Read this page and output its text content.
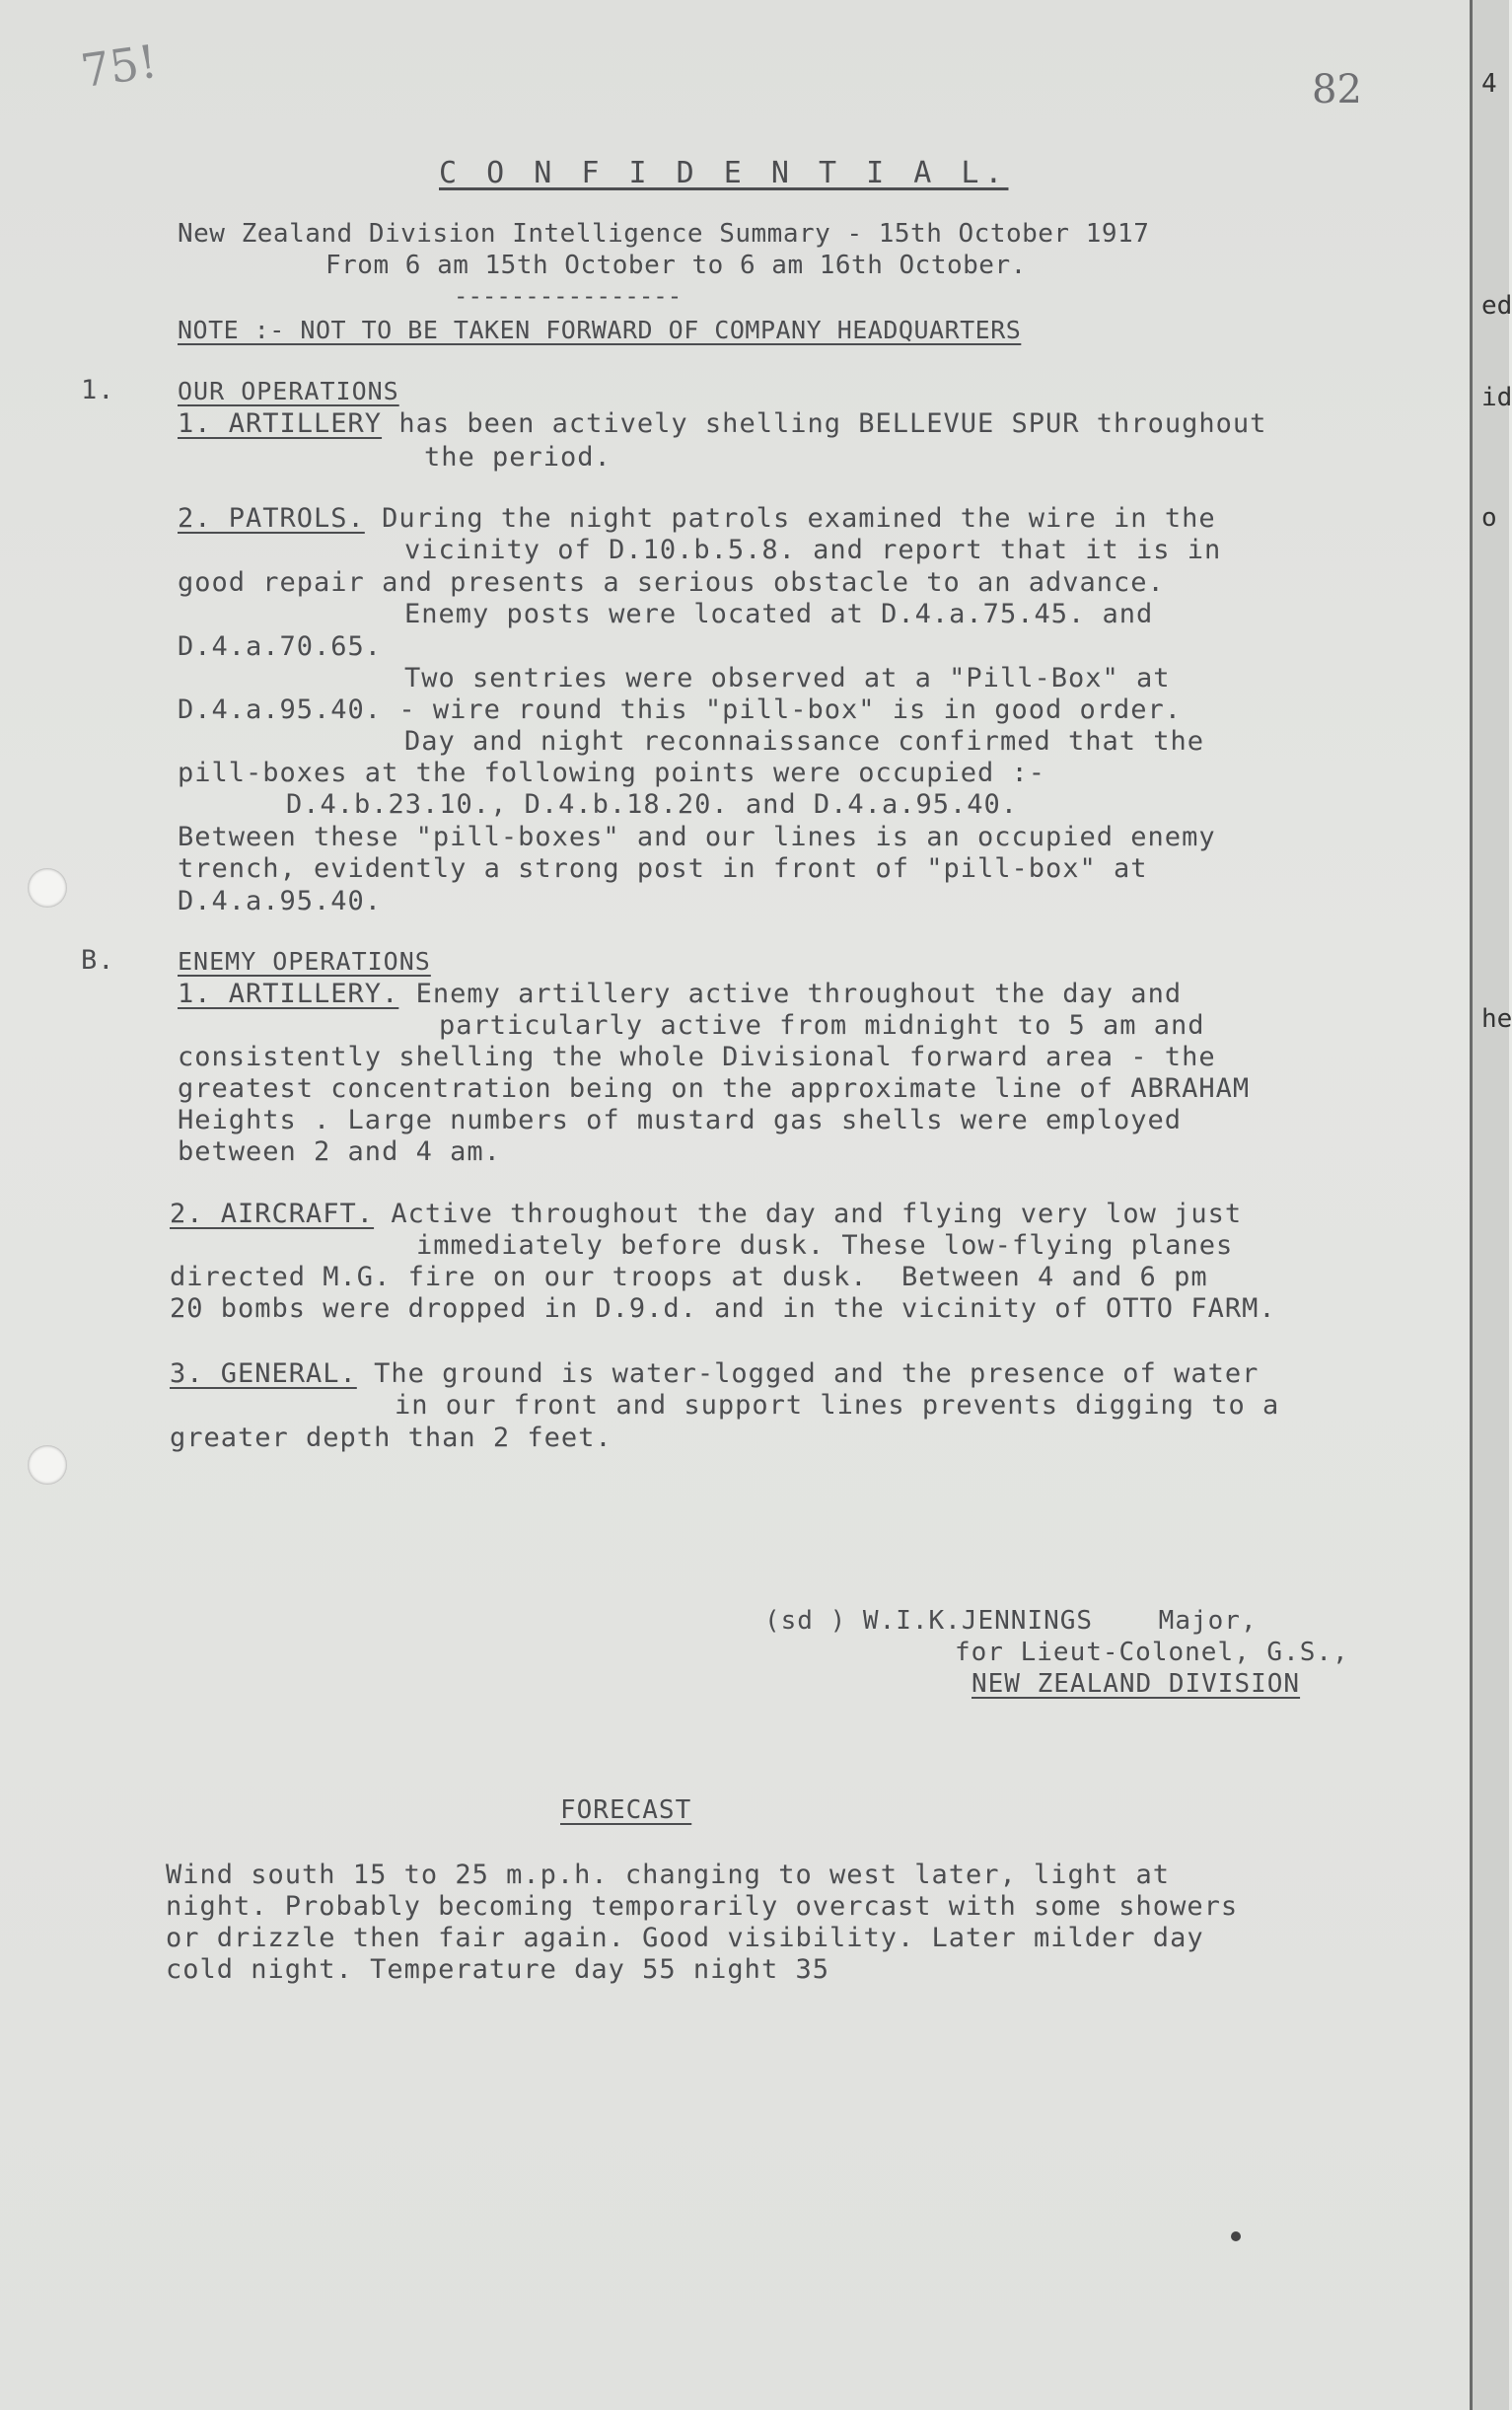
4
ed
id
o
he
75!	82
C O N F I D E N T I A L.
New Zealand Division Intelligence Summary - 15th October 1917
From 6 am 15th October to 6 am 16th October.
----------------
NOTE :- NOT TO BE TAKEN FORWARD OF COMPANY HEADQUARTERS
1.	OUR OPERATIONS
1. ARTILLERY has been actively shelling BELLEVUE SPUR throughout
the period.
2. PATROLS. During the night patrols examined the wire in the
vicinity of D.10.b.5.8. and report that it is in
good repair and presents a serious obstacle to an advance.
Enemy posts were located at D.4.a.75.45. and
D.4.a.70.65.
Two sentries were observed at a "Pill-Box" at
D.4.a.95.40. - wire round this "pill-box" is in good order.
Day and night reconnaissance confirmed that the
pill-boxes at the following points were occupied :-
D.4.b.23.10., D.4.b.18.20. and D.4.a.95.40.
Between these "pill-boxes" and our lines is an occupied enemy
trench, evidently a strong post in front of "pill-box" at
D.4.a.95.40.
B.	ENEMY OPERATIONS
1. ARTILLERY. Enemy artillery active throughout the day and
particularly active from midnight to 5 am and
consistently shelling the whole Divisional forward area - the
greatest concentration being on the approximate line of ABRAHAM
Heights . Large numbers of mustard gas shells were employed
between 2 and 4 am.
2. AIRCRAFT. Active throughout the day and flying very low just
immediately before dusk. These low-flying planes
directed M.G. fire on our troops at dusk.  Between 4 and 6 pm
20 bombs were dropped in D.9.d. and in the vicinity of OTTO FARM.
3. GENERAL. The ground is water-logged and the presence of water
in our front and support lines prevents digging to a
greater depth than 2 feet.
(sd ) W.I.K.JENNINGS    Major,
for Lieut-Colonel, G.S.,
NEW ZEALAND DIVISION
FORECAST
Wind south 15 to 25 m.p.h. changing to west later, light at
night. Probably becoming temporarily overcast with some showers
or drizzle then fair again. Good visibility. Later milder day
cold night. Temperature day 55 night 35
